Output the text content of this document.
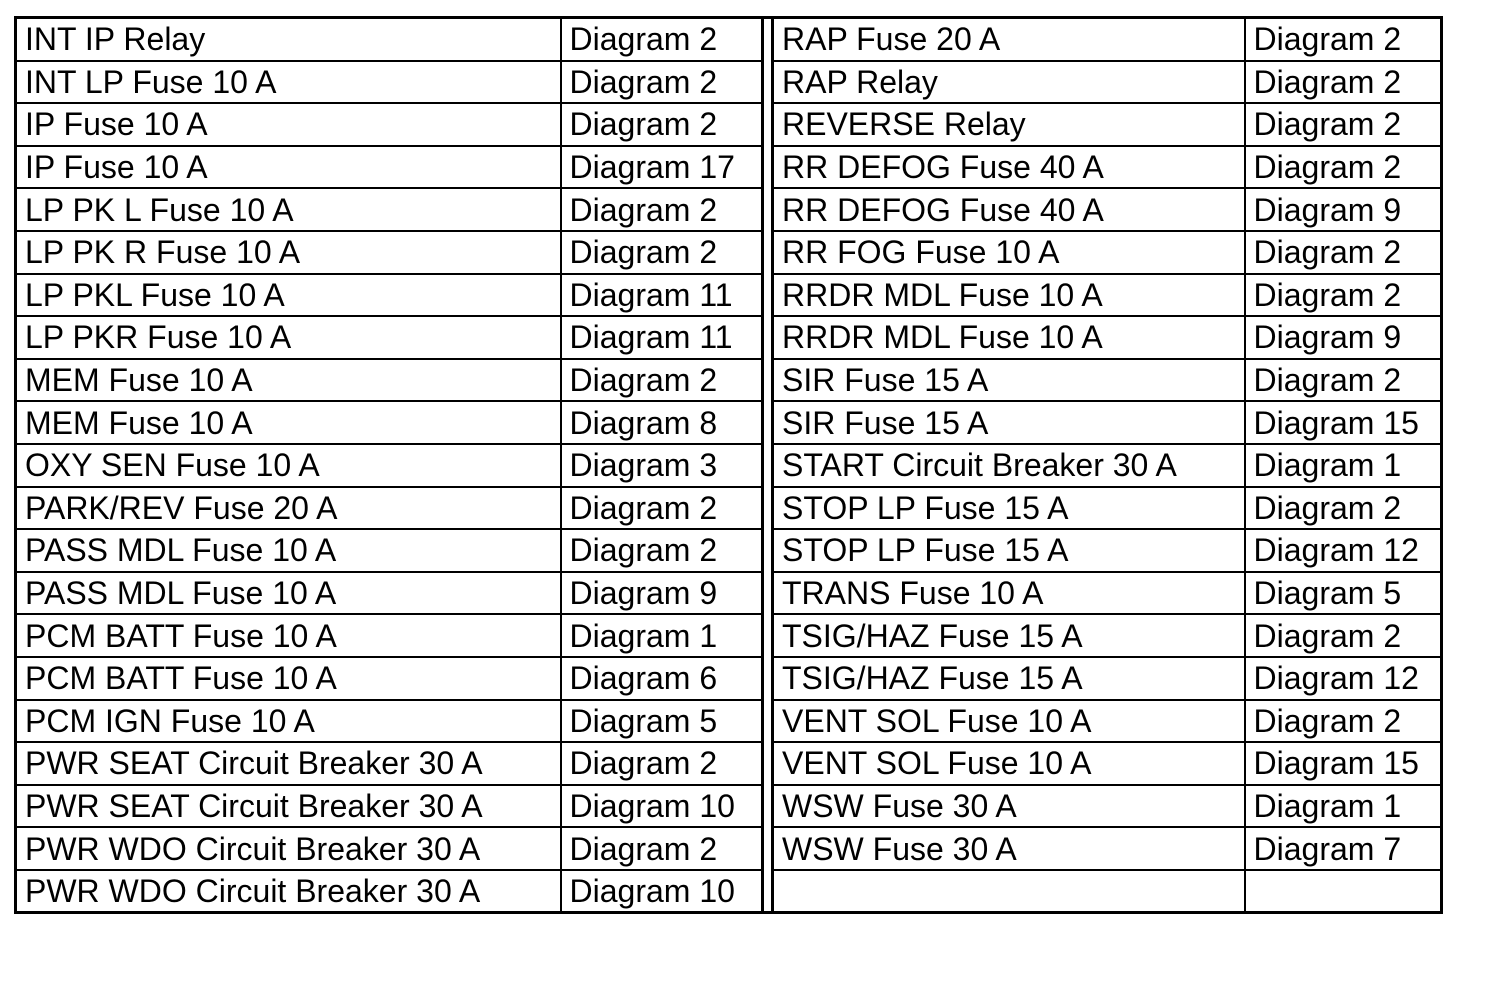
INT IP Relay	Diagram 2		RAP Fuse 20 A	Diagram 2
INT LP Fuse 10 A	Diagram 2		RAP Relay	Diagram 2
IP Fuse 10 A	Diagram 2		REVERSE Relay	Diagram 2
IP Fuse 10 A	Diagram 17		RR DEFOG Fuse 40 A	Diagram 2
LP PK L Fuse 10 A	Diagram 2		RR DEFOG Fuse 40 A	Diagram 9
LP PK R Fuse 10 A	Diagram 2		RR FOG Fuse 10 A	Diagram 2
LP PKL Fuse 10 A	Diagram 11		RRDR MDL Fuse 10 A	Diagram 2
LP PKR Fuse 10 A	Diagram 11		RRDR MDL Fuse 10 A	Diagram 9
MEM Fuse 10 A	Diagram 2		SIR Fuse 15 A	Diagram 2
MEM Fuse 10 A	Diagram 8		SIR Fuse 15 A	Diagram 15
OXY SEN Fuse 10 A	Diagram 3		START Circuit Breaker 30 A	Diagram 1
PARK/REV Fuse 20 A	Diagram 2		STOP LP Fuse 15 A	Diagram 2
PASS MDL Fuse 10 A	Diagram 2		STOP LP Fuse 15 A	Diagram 12
PASS MDL Fuse 10 A	Diagram 9		TRANS Fuse 10 A	Diagram 5
PCM BATT Fuse 10 A	Diagram 1		TSIG/HAZ Fuse 15 A	Diagram 2
PCM BATT Fuse 10 A	Diagram 6		TSIG/HAZ Fuse 15 A	Diagram 12
PCM IGN Fuse 10 A	Diagram 5		VENT SOL Fuse 10 A	Diagram 2
PWR SEAT Circuit Breaker 30 A	Diagram 2		VENT SOL Fuse 10 A	Diagram 15
PWR SEAT Circuit Breaker 30 A	Diagram 10		WSW Fuse 30 A	Diagram 1
PWR WDO Circuit Breaker 30 A	Diagram 2		WSW Fuse 30 A	Diagram 7
PWR WDO Circuit Breaker 30 A	Diagram 10			
